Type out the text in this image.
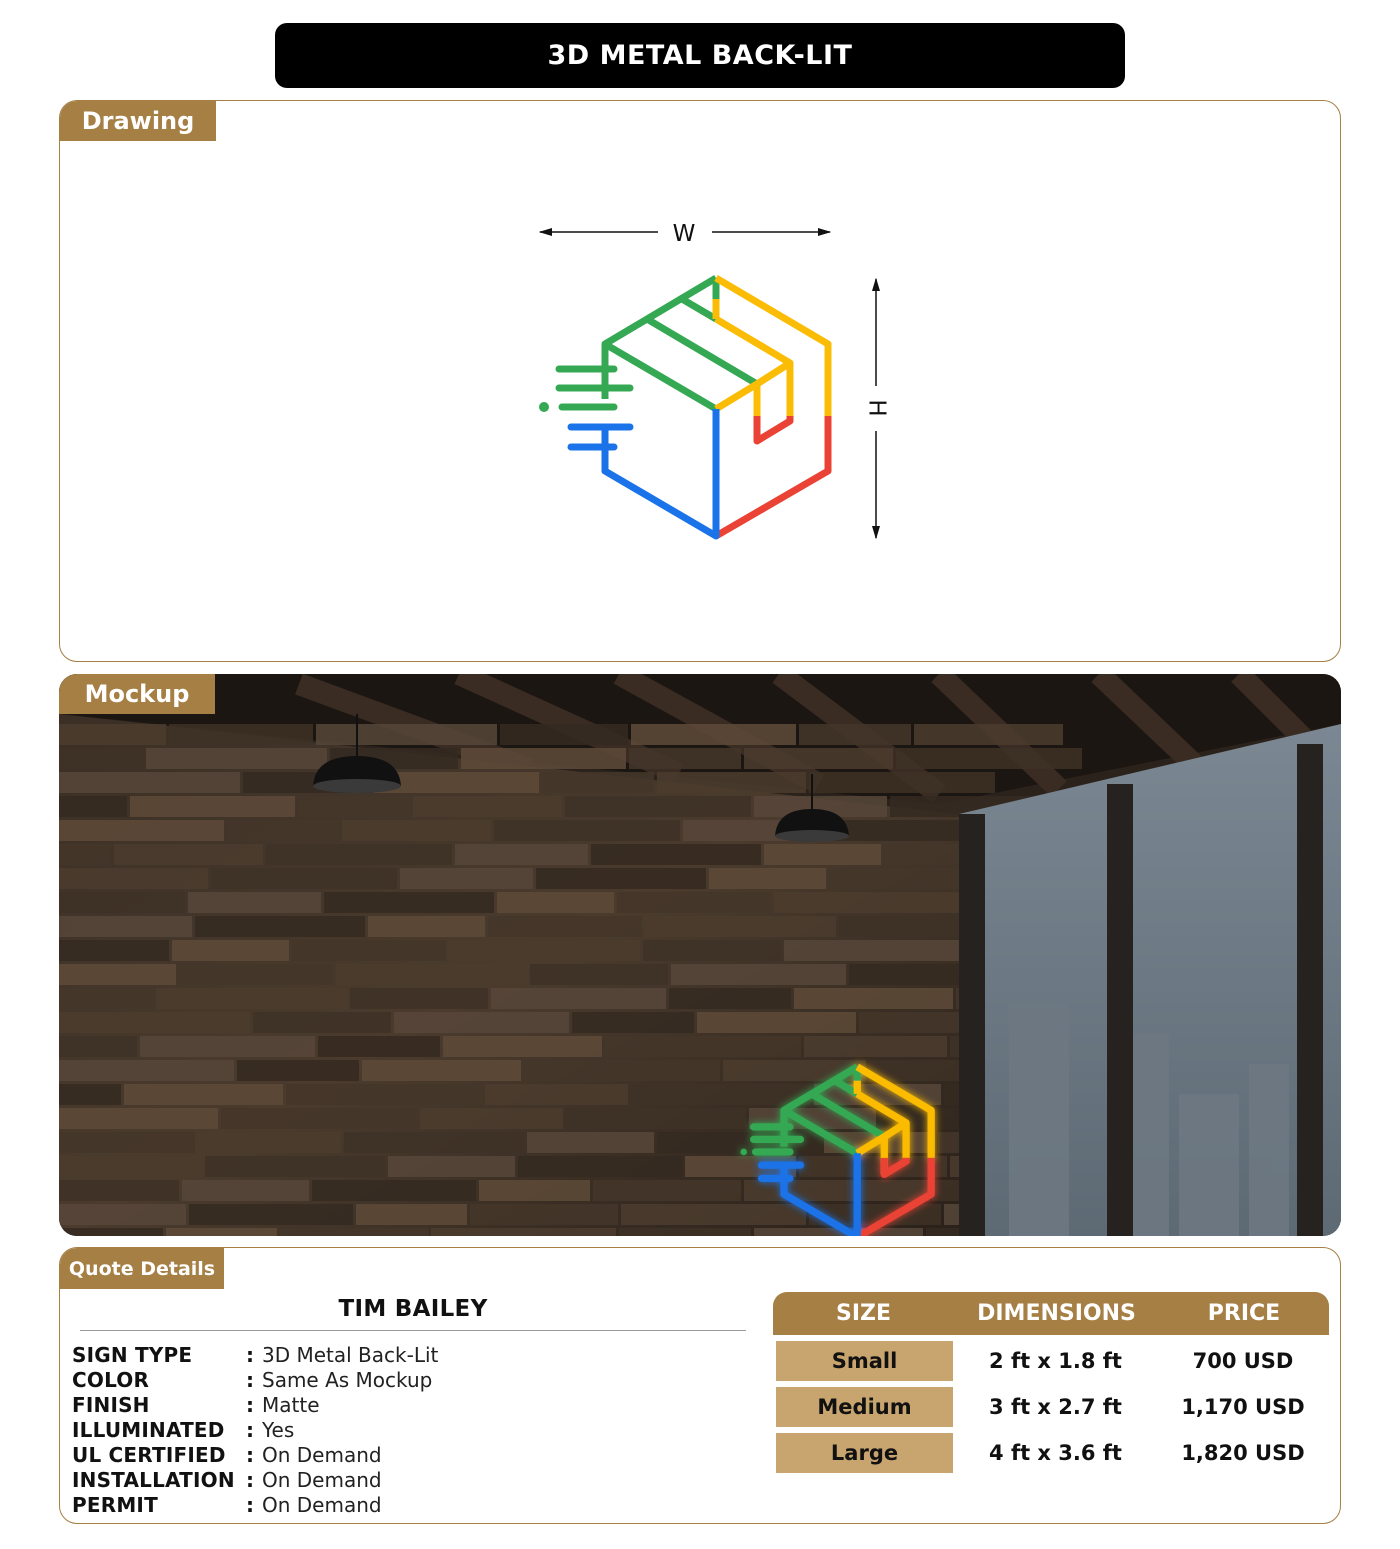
3D METAL BACK-LIT
Drawing
W
H
Mockup
Quote Details
TIM BAILEY
SIGN TYPE	: 3D Metal Back-Lit
COLOR	: Same As Mockup
FINISH	: Matte
ILLUMINATED	: Yes
UL CERTIFIED	: On Demand
INSTALLATION : On Demand
PERMIT	: On Demand
SIZE	DIMENSIONS	PRICE
Small	2 ft x 1.8 ft	700 USD
Medium	3 ft x 2.7 ft	1,170 USD
Large	4 ft x 3.6 ft	1,820 USD
